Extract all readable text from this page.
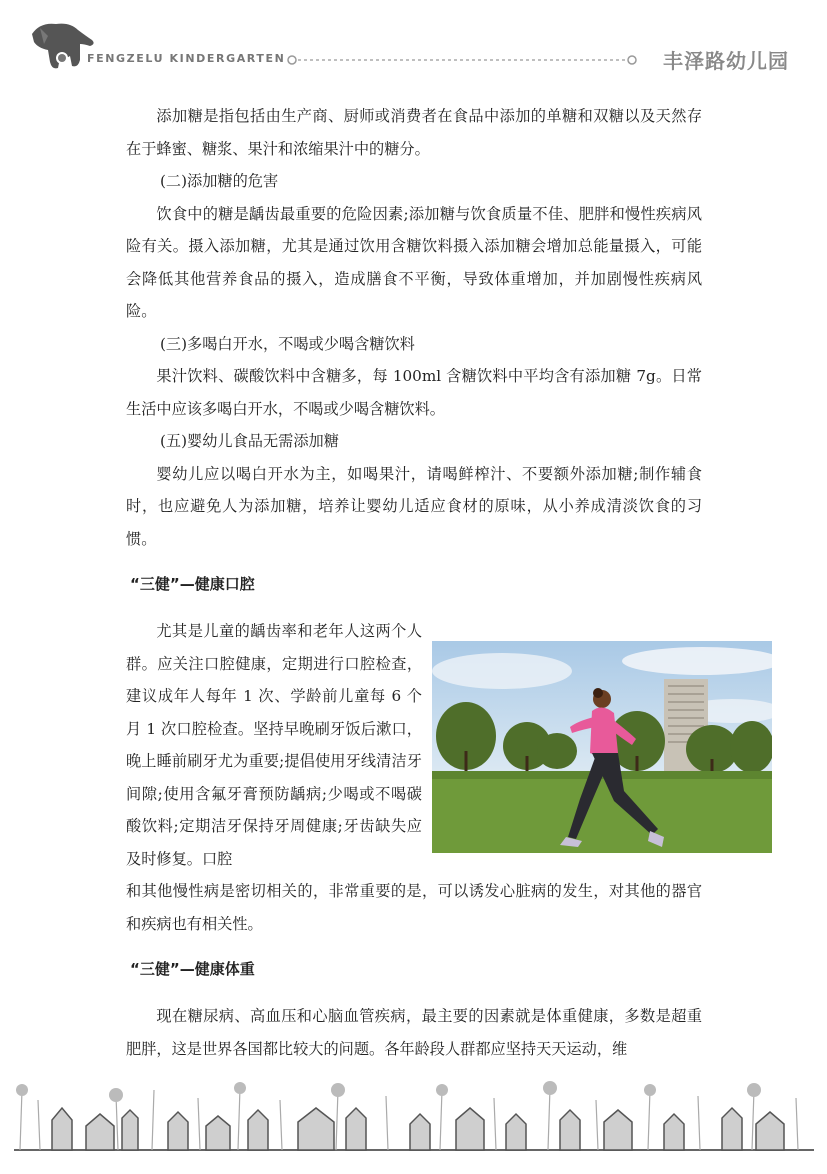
FENGZELU KINDERGARTEN	丰泽路幼儿园

添加糖是指包括由生产商、厨师或消费者在食品中添加的单糖和双糖以及天然存在于蜂蜜、糖浆、果汁和浓缩果汁中的糖分。

(二)添加糖的危害

饮食中的糖是龋齿最重要的危险因素;添加糖与饮食质量不佳、肥胖和慢性疾病风险有关。摄入添加糖，尤其是通过饮用含糖饮料摄入添加糖会增加总能量摄入，可能会降低其他营养食品的摄入，造成膳食不平衡，导致体重增加，并加剧慢性疾病风险。

(三)多喝白开水，不喝或少喝含糖饮料

果汁饮料、碳酸饮料中含糖多，每 100ml 含糖饮料中平均含有添加糖 7g。日常生活中应该多喝白开水，不喝或少喝含糖饮料。

(五)婴幼儿食品无需添加糖

婴幼儿应以喝白开水为主，如喝果汁，请喝鲜榨汁、不要额外添加糖;制作辅食时，也应避免人为添加糖，培养让婴幼儿适应食材的原味，从小养成清淡饮食的习惯。

“三健”—健康口腔

尤其是儿童的龋齿率和老年人这两个人群。应关注口腔健康，定期进行口腔检查，建议成年人每年 1 次、学龄前儿童每 6 个月 1 次口腔检查。坚持早晚刷牙饭后漱口，晚上睡前刷牙尤为重要;提倡使用牙线清洁牙间隙;使用含氟牙膏预防龋病;少喝或不喝碳酸饮料;定期洁牙保持牙周健康;牙齿缺失应及时修复。口腔

和其他慢性病是密切相关的，非常重要的是，可以诱发心脏病的发生，对其他的器官和疾病也有相关性。

“三健”—健康体重

现在糖尿病、高血压和心脑血管疾病，最主要的因素就是体重健康，多数是超重肥胖，这是世界各国都比较大的问题。各年龄段人群都应坚持天天运动，维
